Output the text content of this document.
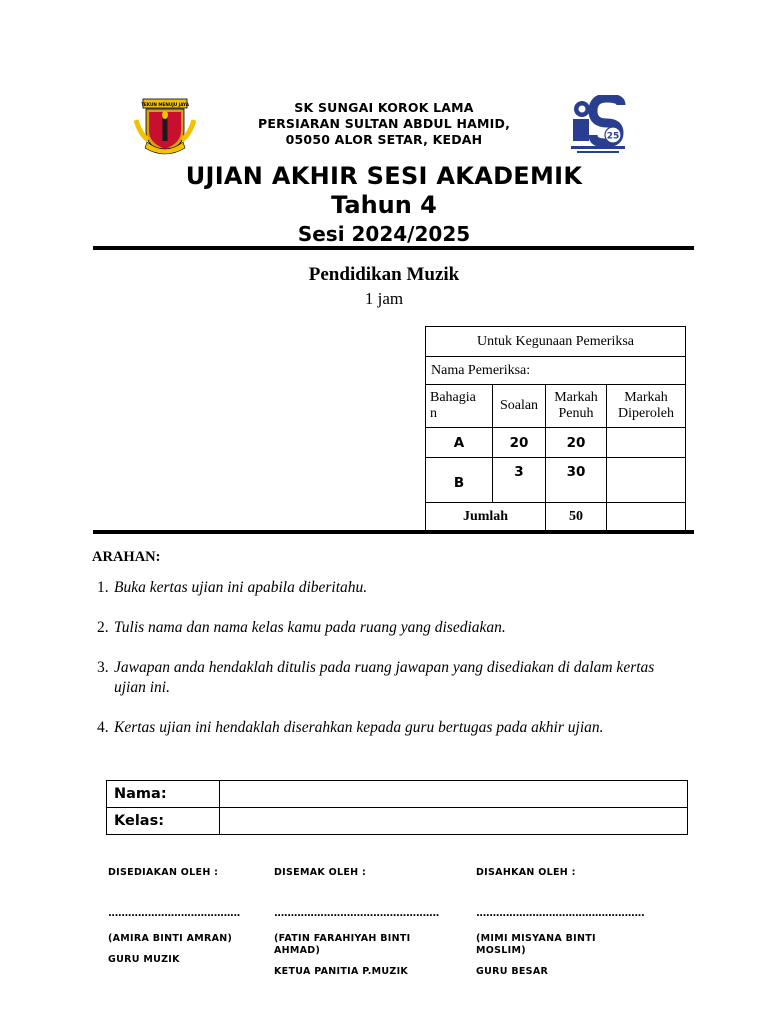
TEKUN MENUJU JAYA
25
SK SUNGAI KOROK LAMA
PERSIARAN SULTAN ABDUL HAMID,
05050 ALOR SETAR, KEDAH
UJIAN AKHIR SESI AKADEMIK
Tahun 4
Sesi 2024/2025
Pendidikan Muzik
1 jam
Untuk Kegunaan Pemeriksa			
Nama Pemeriksa:			
Bahagia
n	Soalan	Markah Penuh	Markah Diperoleh
A	20	20	
B	3	30	
Jumlah		50	
ARAHAN:
1. Buka kertas ujian ini apabila diberitahu.
2. Tulis nama dan nama kelas kamu pada ruang yang disediakan.
3. Jawapan anda hendaklah ditulis pada ruang jawapan yang disediakan di dalam kertas ujian ini.
4. Kertas ujian ini hendaklah diserahkan kepada guru bertugas pada akhir ujian.
Nama:	
Kelas:	
DISEDIAKAN OLEH :
........................................
(AMIRA BINTI AMRAN)
GURU MUZIK
DISEMAK OLEH :
..................................................
(FATIN FARAHIYAH BINTI AHMAD)
KETUA PANITIA P.MUZIK
DISAHKAN OLEH :
...................................................
(MIMI MISYANA BINTI MOSLIM)
GURU BESAR
